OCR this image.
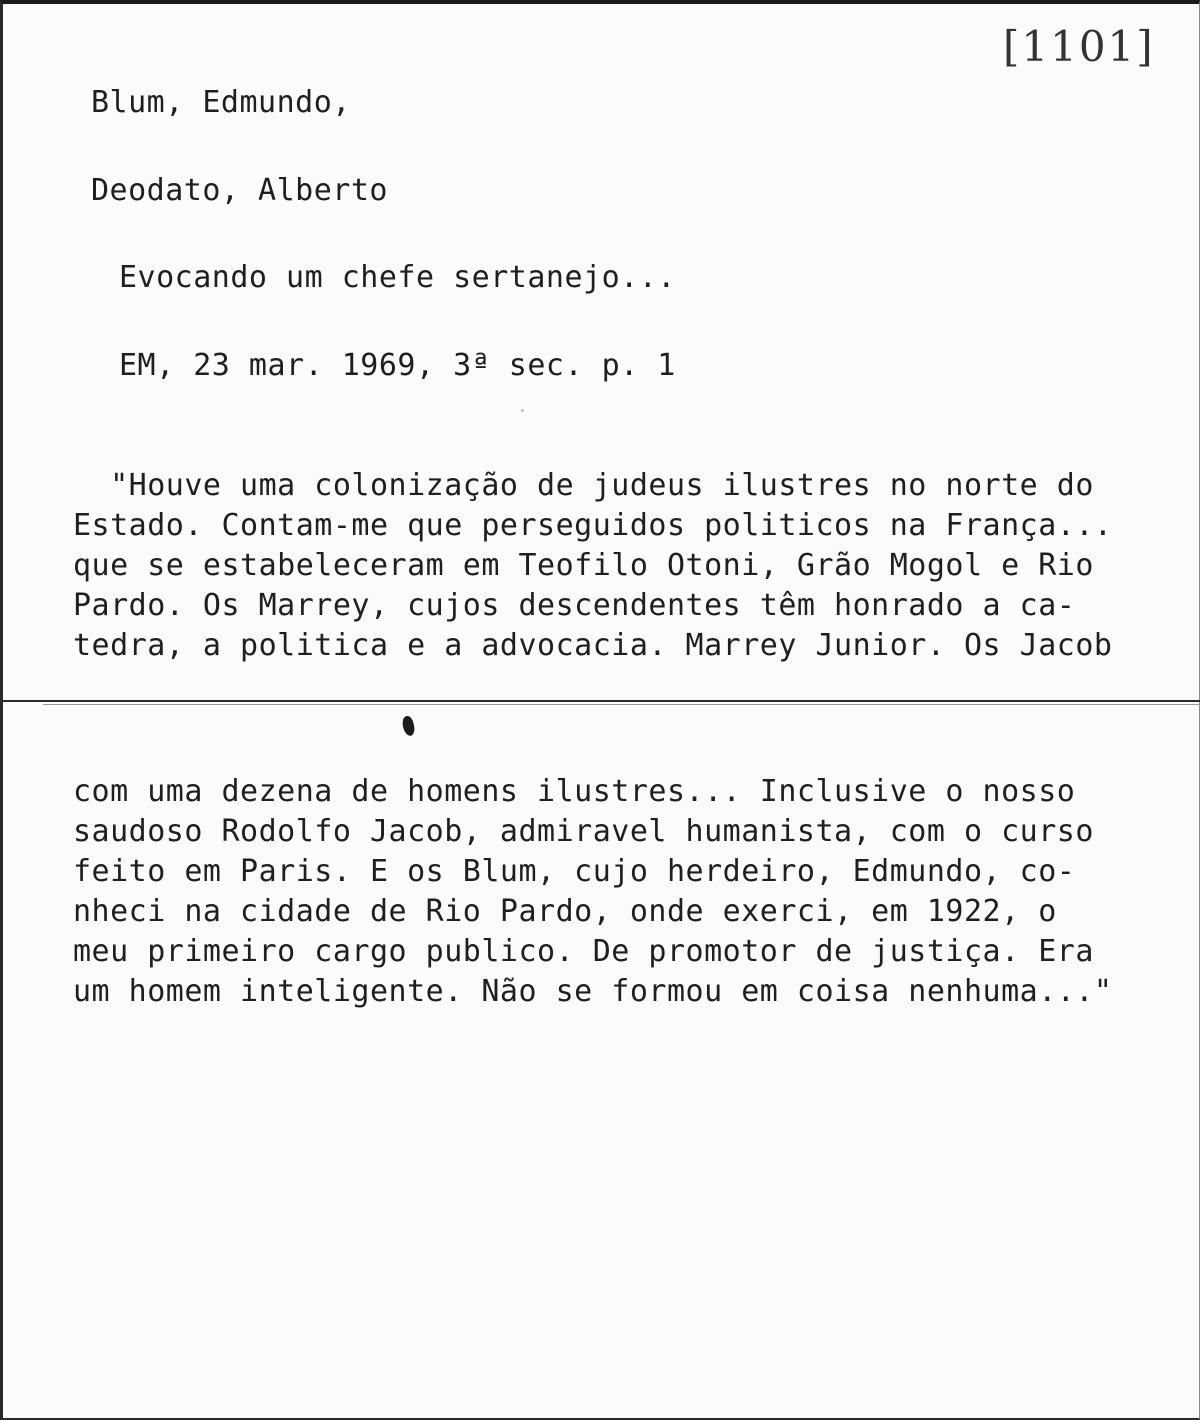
[1101]
Blum, Edmundo,
Deodato, Alberto
Evocando um chefe sertanejo...
EM, 23 mar. 1969, 3ª sec. p. 1
"Houve uma colonização de judeus ilustres no norte do
Estado. Contam-me que perseguidos politicos na França...
que se estabeleceram em Teofilo Otoni, Grão Mogol e Rio
Pardo. Os Marrey, cujos descendentes têm honrado a ca-
tedra, a politica e a advocacia. Marrey Junior. Os Jacob
com uma dezena de homens ilustres... Inclusive o nosso
saudoso Rodolfo Jacob, admiravel humanista, com o curso
feito em Paris. E os Blum, cujo herdeiro, Edmundo, co-
nheci na cidade de Rio Pardo, onde exerci, em 1922, o
meu primeiro cargo publico. De promotor de justiça. Era
um homem inteligente. Não se formou em coisa nenhuma..."
